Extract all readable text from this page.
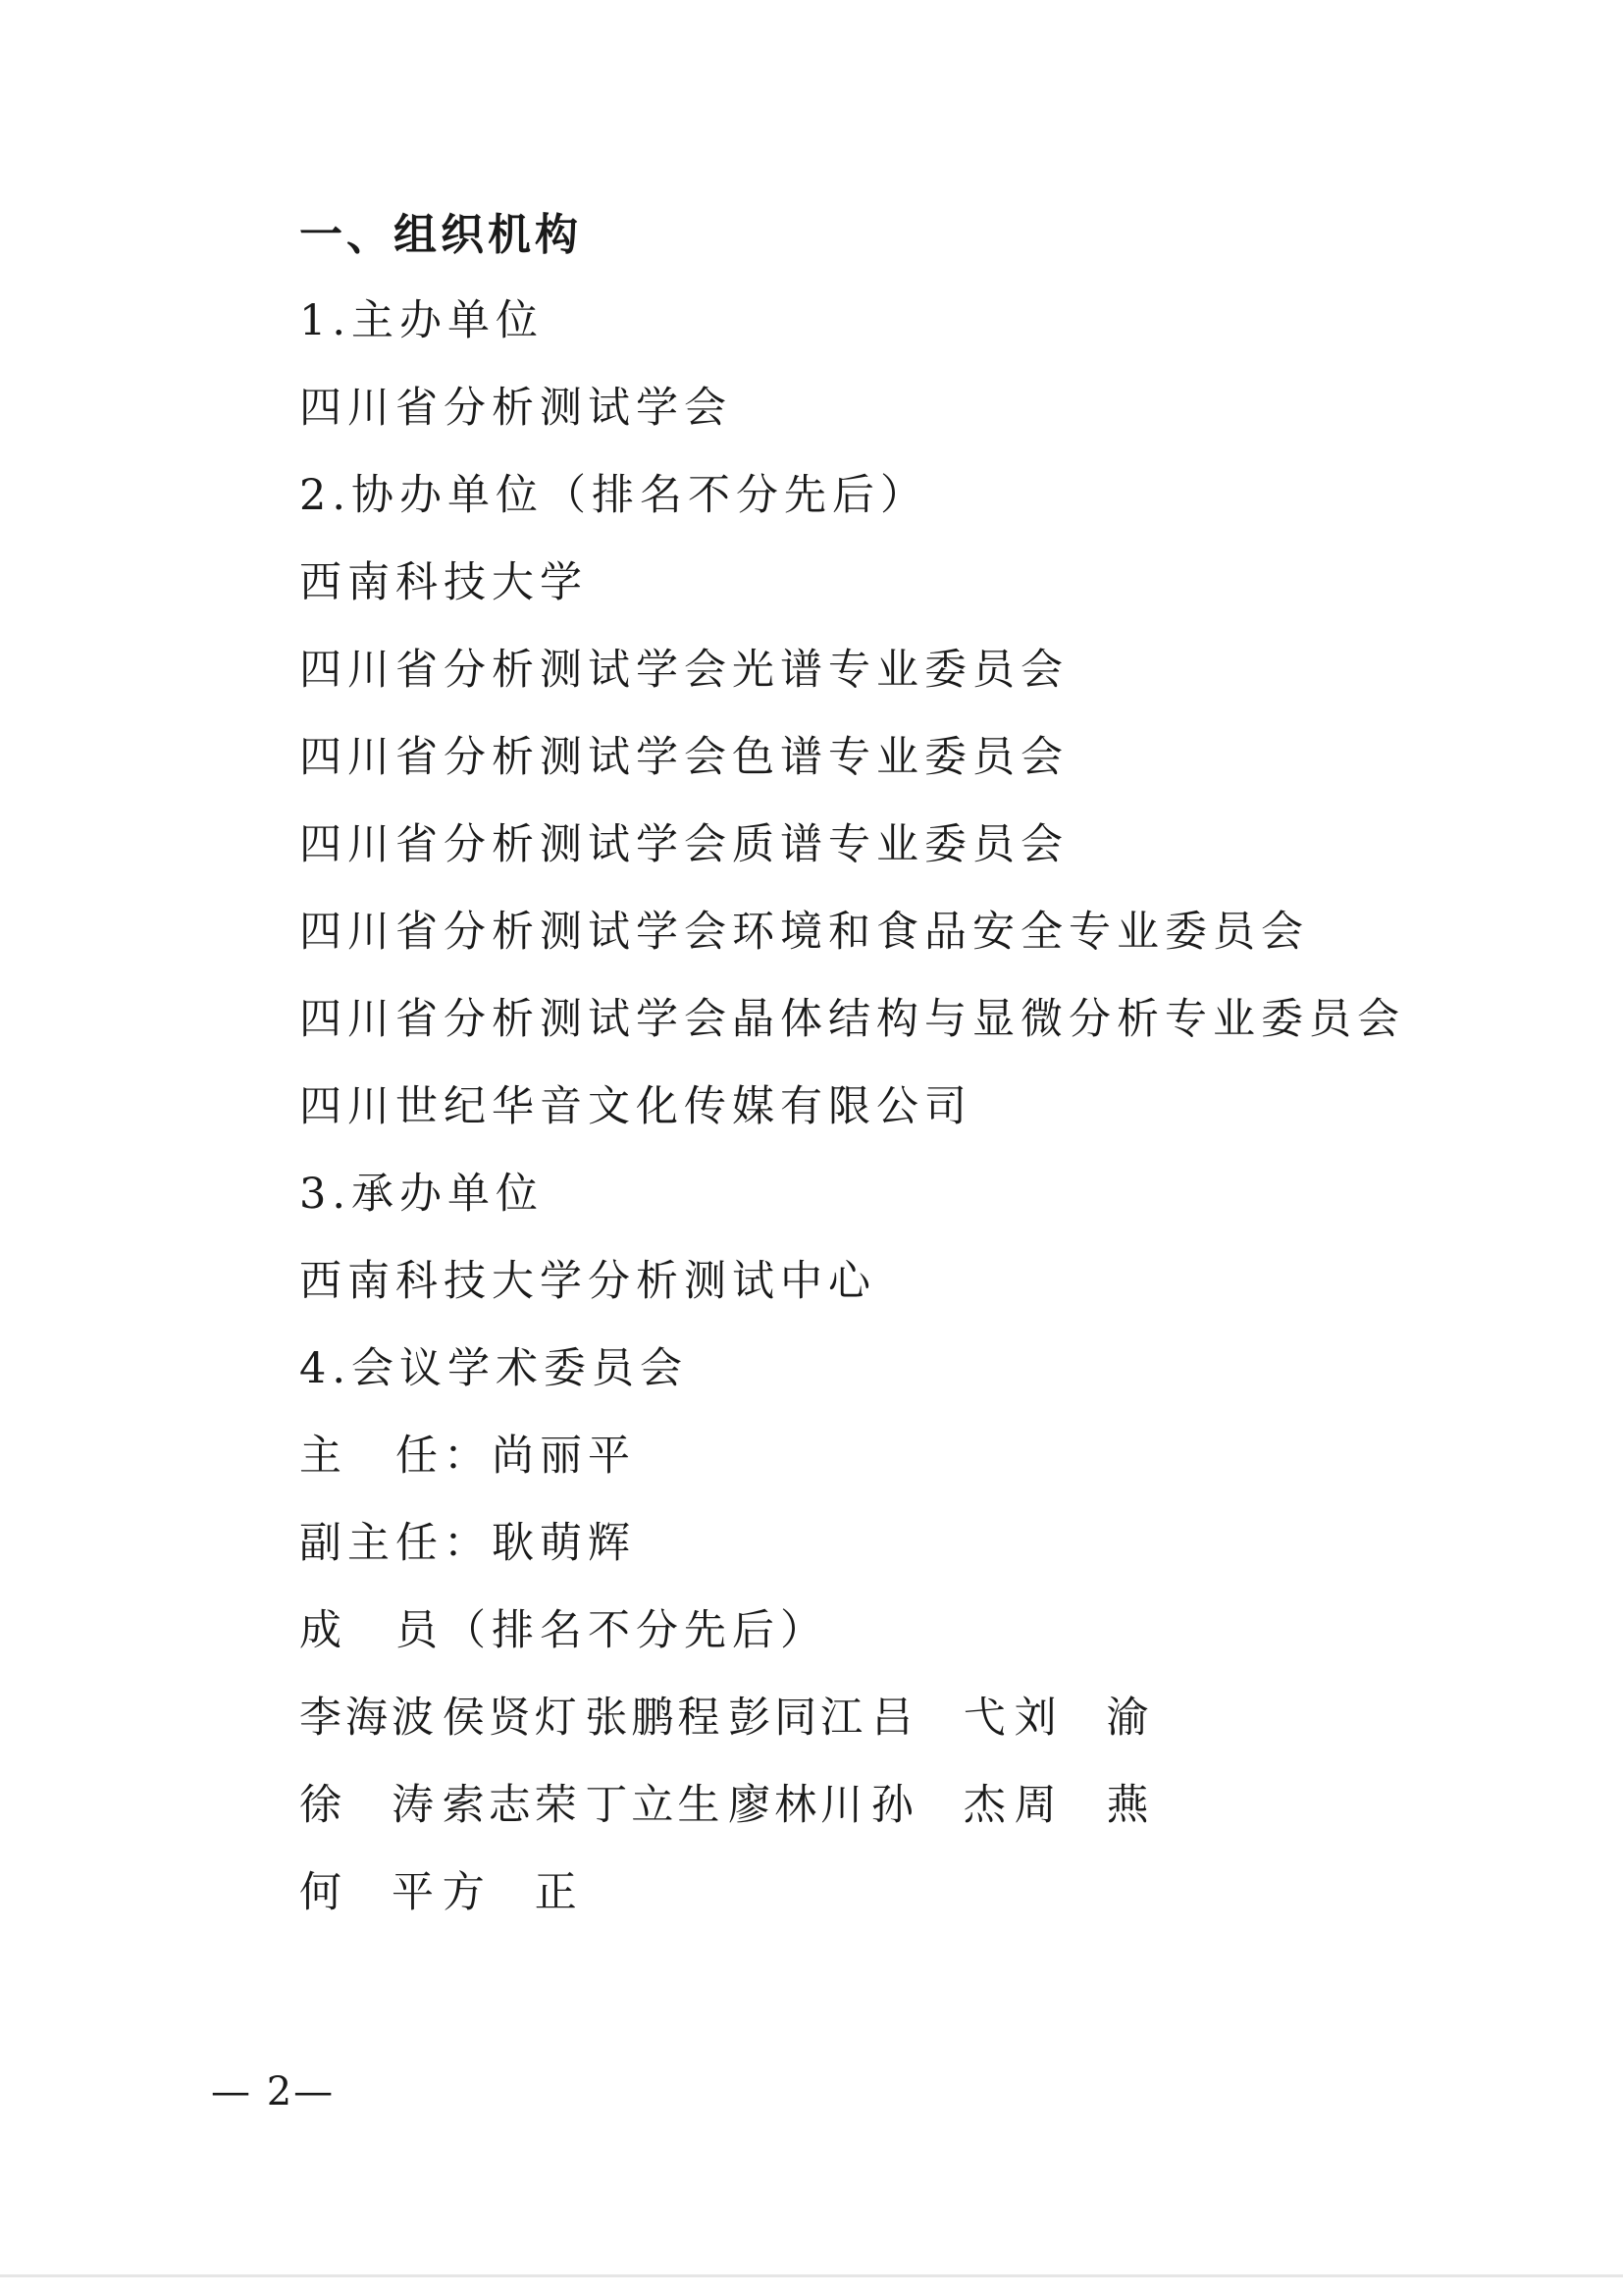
一、组织机构
1.主办单位
四川省分析测试学会
2.协办单位（排名不分先后）
西南科技大学
四川省分析测试学会光谱专业委员会
四川省分析测试学会色谱专业委员会
四川省分析测试学会质谱专业委员会
四川省分析测试学会环境和食品安全专业委员会
四川省分析测试学会晶体结构与显微分析专业委员会
四川世纪华音文化传媒有限公司
3.承办单位
西南科技大学分析测试中心
4.会议学术委员会
主　任：尚丽平
副主任：耿萌辉
成　员（排名不分先后）
李海波 侯贤灯 张鹏程 彭同江 吕　弋 刘　渝
徐　涛 索志荣 丁立生 廖林川 孙　杰 周　燕
何　平 方　正
— 2—
